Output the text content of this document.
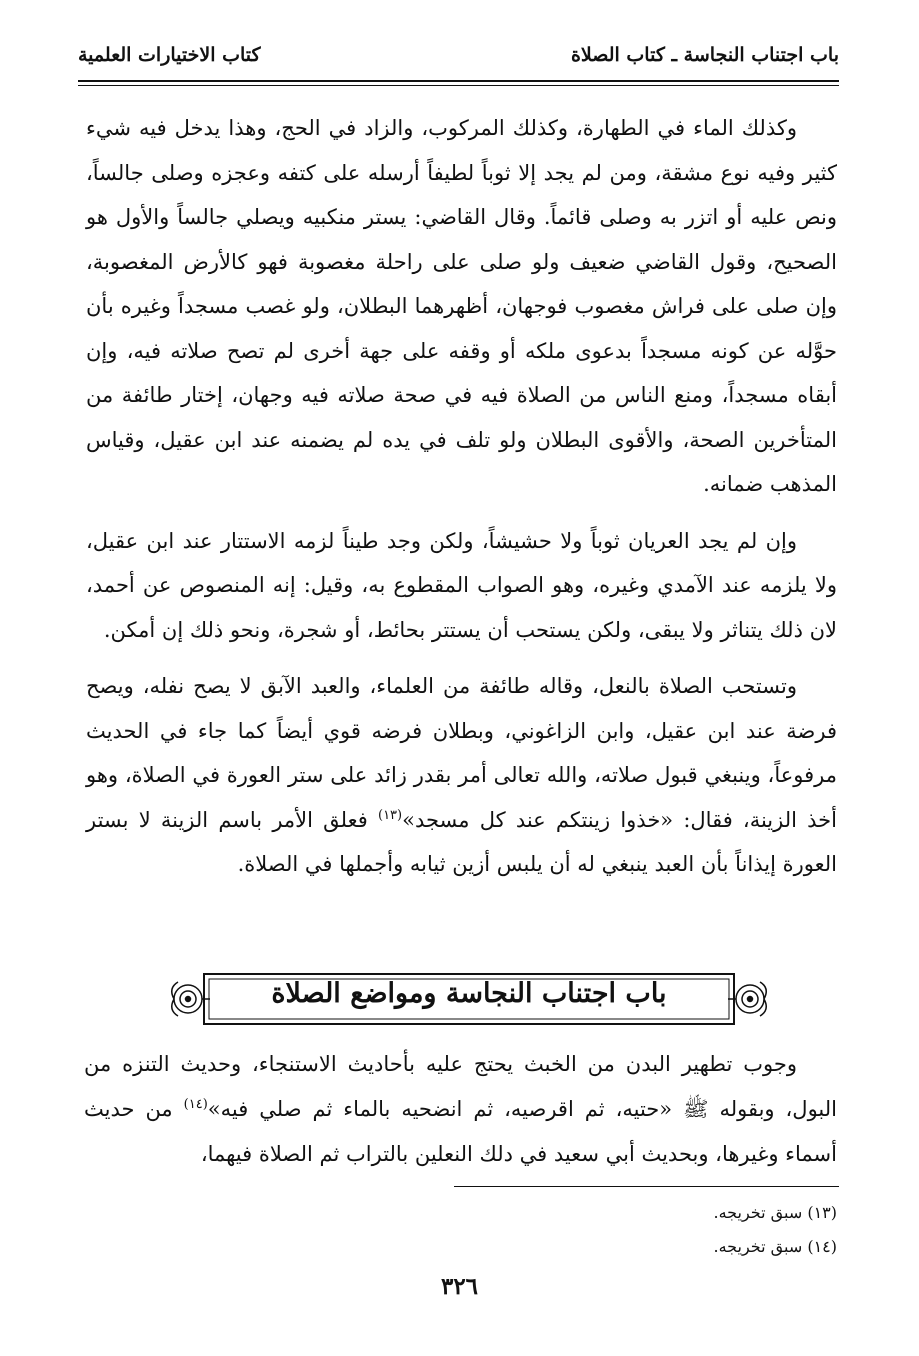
باب اجتناب النجاسة ـ كتاب الصلاة
كتاب الاختيارات العلمية

وكذلك الماء في الطهارة، وكذلك المركوب، والزاد في الحج، وهذا يدخل فيه شيء كثير وفيه نوع مشقة، ومن لم يجد إلا ثوباً لطيفاً أرسله على كتفه وعجزه وصلى جالساً، ونص عليه أو اتزر به وصلى قائماً. وقال القاضي: يستر منكبيه ويصلي جالساً والأول هو الصحيح، وقول القاضي ضعيف ولو صلى على راحلة مغصوبة فهو كالأرض المغصوبة، وإن صلى على فراش مغصوب فوجهان، أظهرهما البطلان، ولو غصب مسجداً وغيره بأن حوَّله عن كونه مسجداً بدعوى ملكه أو وقفه على جهة أخرى لم تصح صلاته فيه، وإن أبقاه مسجداً، ومنع الناس من الصلاة فيه في صحة صلاته فيه وجهان، إختار طائفة من المتأخرين الصحة، والأقوى البطلان ولو تلف في يده لم يضمنه عند ابن عقيل، وقياس المذهب ضمانه.

وإن لم يجد العريان ثوباً ولا حشيشاً، ولكن وجد طيناً لزمه الاستتار عند ابن عقيل، ولا يلزمه عند الآمدي وغيره، وهو الصواب المقطوع به، وقيل: إنه المنصوص عن أحمد، لان ذلك يتناثر ولا يبقى، ولكن يستحب أن يستتر بحائط، أو شجرة، ونحو ذلك إن أمكن.

وتستحب الصلاة بالنعل، وقاله طائفة من العلماء، والعبد الآبق لا يصح نفله، ويصح فرضة عند ابن عقيل، وابن الزاغوني، وبطلان فرضه قوي أيضاً كما جاء في الحديث مرفوعاً، وينبغي قبول صلاته، والله تعالى أمر بقدر زائد على ستر العورة في الصلاة، وهو أخذ الزينة، فقال: «خذوا زينتكم عند كل مسجد»$^{(١٣)}$ فعلق الأمر باسم الزينة لا بستر العورة إيذاناً بأن العبد ينبغي له أن يلبس أزين ثيابه وأجملها في الصلاة.

باب اجتناب النجاسة ومواضع الصلاة

وجوب تطهير البدن من الخبث يحتج عليه بأحاديث الاستنجاء، وحديث التنزه من البول، وبقوله ﷺ «حتيه، ثم اقرصيه، ثم انضحيه بالماء ثم صلي فيه»$^{(١٤)}$ من حديث أسماء وغيرها، وبحديث أبي سعيد في دلك النعلين بالتراب ثم الصلاة فيهما،

(١٣) سبق تخريجه.

(١٤) سبق تخريجه.

٣٢٦
